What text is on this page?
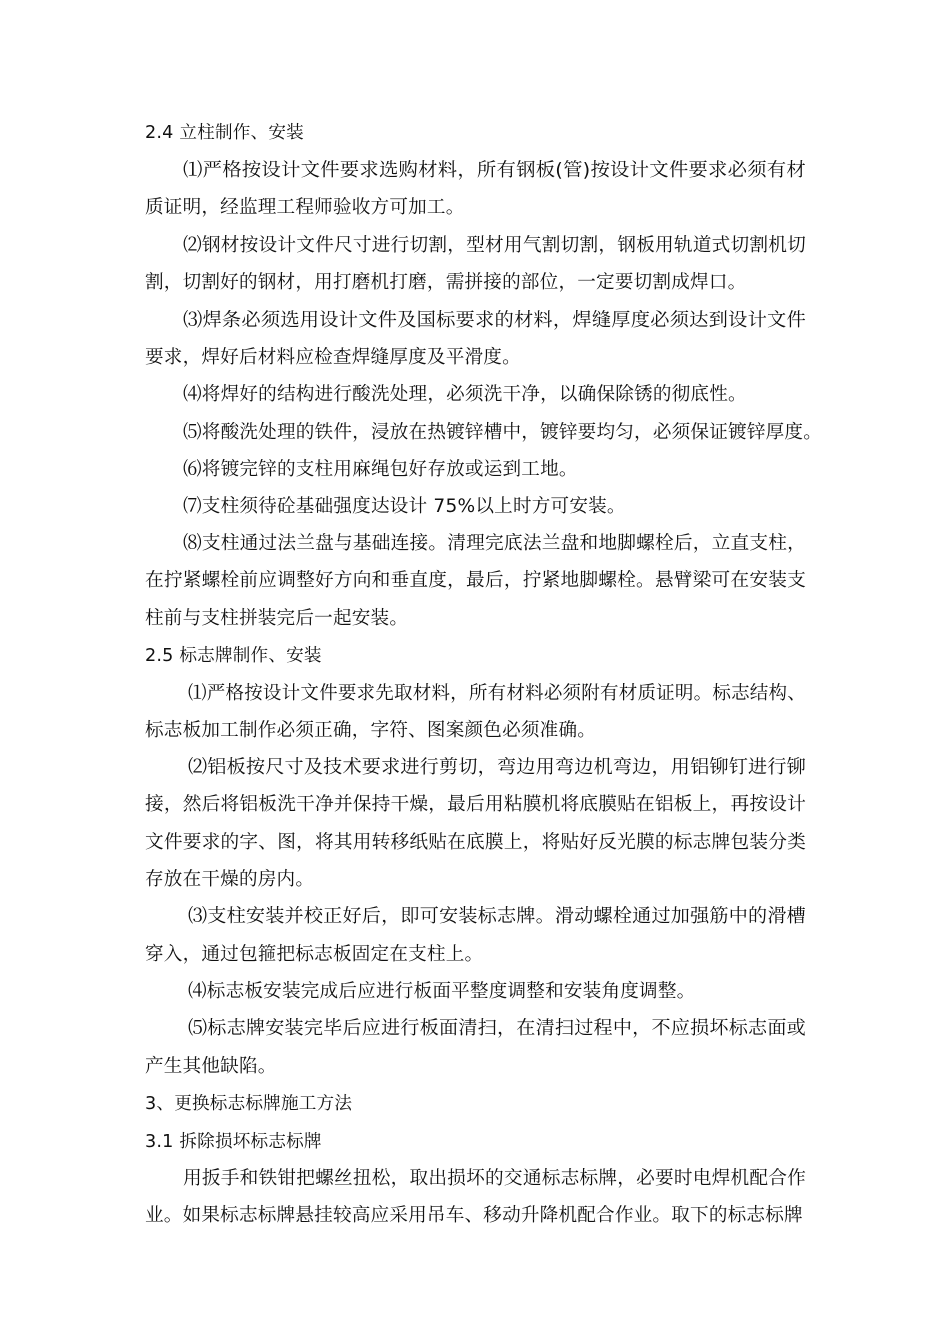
2.4 立柱制作、安装
⑴严格按设计文件要求选购材料，所有钢板(管)按设计文件要求必须有材
质证明，经监理工程师验收方可加工。
⑵钢材按设计文件尺寸进行切割，型材用气割切割，钢板用轨道式切割机切
割，切割好的钢材，用打磨机打磨，需拼接的部位，一定要切割成焊口。
⑶焊条必须选用设计文件及国标要求的材料，焊缝厚度必须达到设计文件
要求，焊好后材料应检查焊缝厚度及平滑度。
⑷将焊好的结构进行酸洗处理，必须洗干净，以确保除锈的彻底性。
⑸将酸洗处理的铁件，浸放在热镀锌槽中，镀锌要均匀，必须保证镀锌厚度。
⑹将镀完锌的支柱用麻绳包好存放或运到工地。
⑺支柱须待砼基础强度达设计 75%以上时方可安装。
⑻支柱通过法兰盘与基础连接。清理完底法兰盘和地脚螺栓后，立直支柱，
在拧紧螺栓前应调整好方向和垂直度，最后，拧紧地脚螺栓。悬臂梁可在安装支
柱前与支柱拼装完后一起安装。
2.5 标志牌制作、安装
⑴严格按设计文件要求先取材料，所有材料必须附有材质证明。标志结构、
标志板加工制作必须正确，字符、图案颜色必须准确。
⑵铝板按尺寸及技术要求进行剪切，弯边用弯边机弯边，用铝铆钉进行铆
接，然后将铝板洗干净并保持干燥，最后用粘膜机将底膜贴在铝板上，再按设计
文件要求的字、图，将其用转移纸贴在底膜上，将贴好反光膜的标志牌包装分类
存放在干燥的房内。
⑶支柱安装并校正好后，即可安装标志牌。滑动螺栓通过加强筋中的滑槽
穿入，通过包箍把标志板固定在支柱上。
⑷标志板安装完成后应进行板面平整度调整和安装角度调整。
⑸标志牌安装完毕后应进行板面清扫，在清扫过程中，不应损坏标志面或
产生其他缺陷。
3、更换标志标牌施工方法
3.1 拆除损坏标志标牌
用扳手和铁钳把螺丝扭松，取出损坏的交通标志标牌，必要时电焊机配合作
业。如果标志标牌悬挂较高应采用吊车、移动升降机配合作业。取下的标志标牌
